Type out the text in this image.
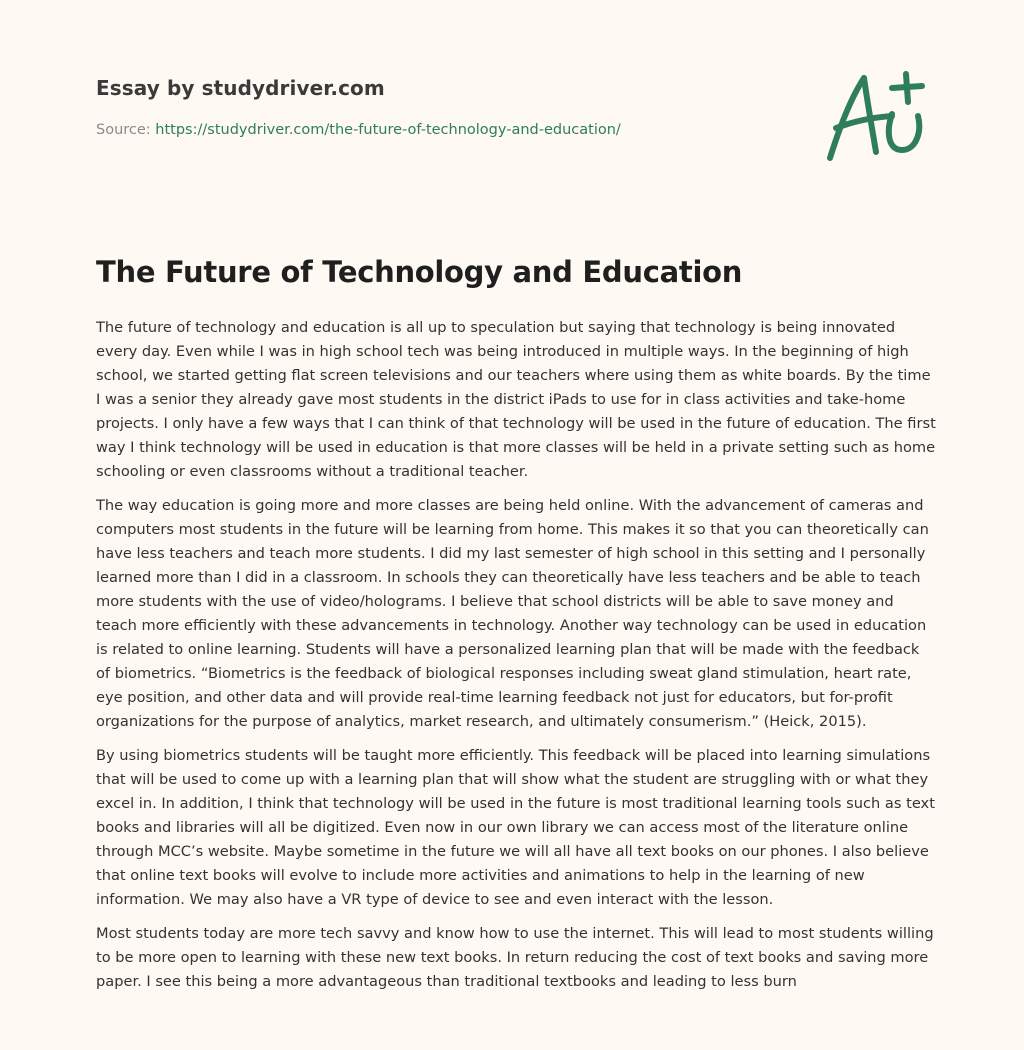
Essay by studydriver.com
Source: https://studydriver.com/the-future-of-technology-and-education/
The Future of Technology and Education

The future of technology and education is all up to speculation but saying that technology is being innovated every day. Even while I was in high school tech was being introduced in multiple ways. In the beginning of high school, we started getting flat screen televisions and our teachers where using them as white boards. By the time I was a senior they already gave most students in the district iPads to use for in class activities and take-home projects. I only have a few ways that I can think of that technology will be used in the future of education. The first way I think technology will be used in education is that more classes will be held in a private setting such as home schooling or even classrooms without a traditional teacher.

The way education is going more and more classes are being held online. With the advancement of cameras and computers most students in the future will be learning from home. This makes it so that you can theoretically can have less teachers and teach more students. I did my last semester of high school in this setting and I personally learned more than I did in a classroom. In schools they can theoretically have less teachers and be able to teach more students with the use of video/holograms. I believe that school districts will be able to save money and teach more efficiently with these advancements in technology. Another way technology can be used in education is related to online learning. Students will have a personalized learning plan that will be made with the feedback of biometrics. “Biometrics is the feedback of biological responses including sweat gland stimulation, heart rate, eye position, and other data and will provide real-time learning feedback not just for educators, but for-profit organizations for the purpose of analytics, market research, and ultimately consumerism.” (Heick, 2015).

By using biometrics students will be taught more efficiently. This feedback will be placed into learning simulations that will be used to come up with a learning plan that will show what the student are struggling with or what they excel in. In addition, I think that technology will be used in the future is most traditional learning tools such as text books and libraries will all be digitized. Even now in our own library we can access most of the literature online through MCC’s website. Maybe sometime in the future we will all have all text books on our phones. I also believe that online text books will evolve to include more activities and animations to help in the learning of new information. We may also have a VR type of device to see and even interact with the lesson.

Most students today are more tech savvy and know how to use the internet. This will lead to most students willing to be more open to learning with these new text books. In return reducing the cost of text books and saving more paper. I see this being a more advantageous than traditional textbooks and leading to less burn
